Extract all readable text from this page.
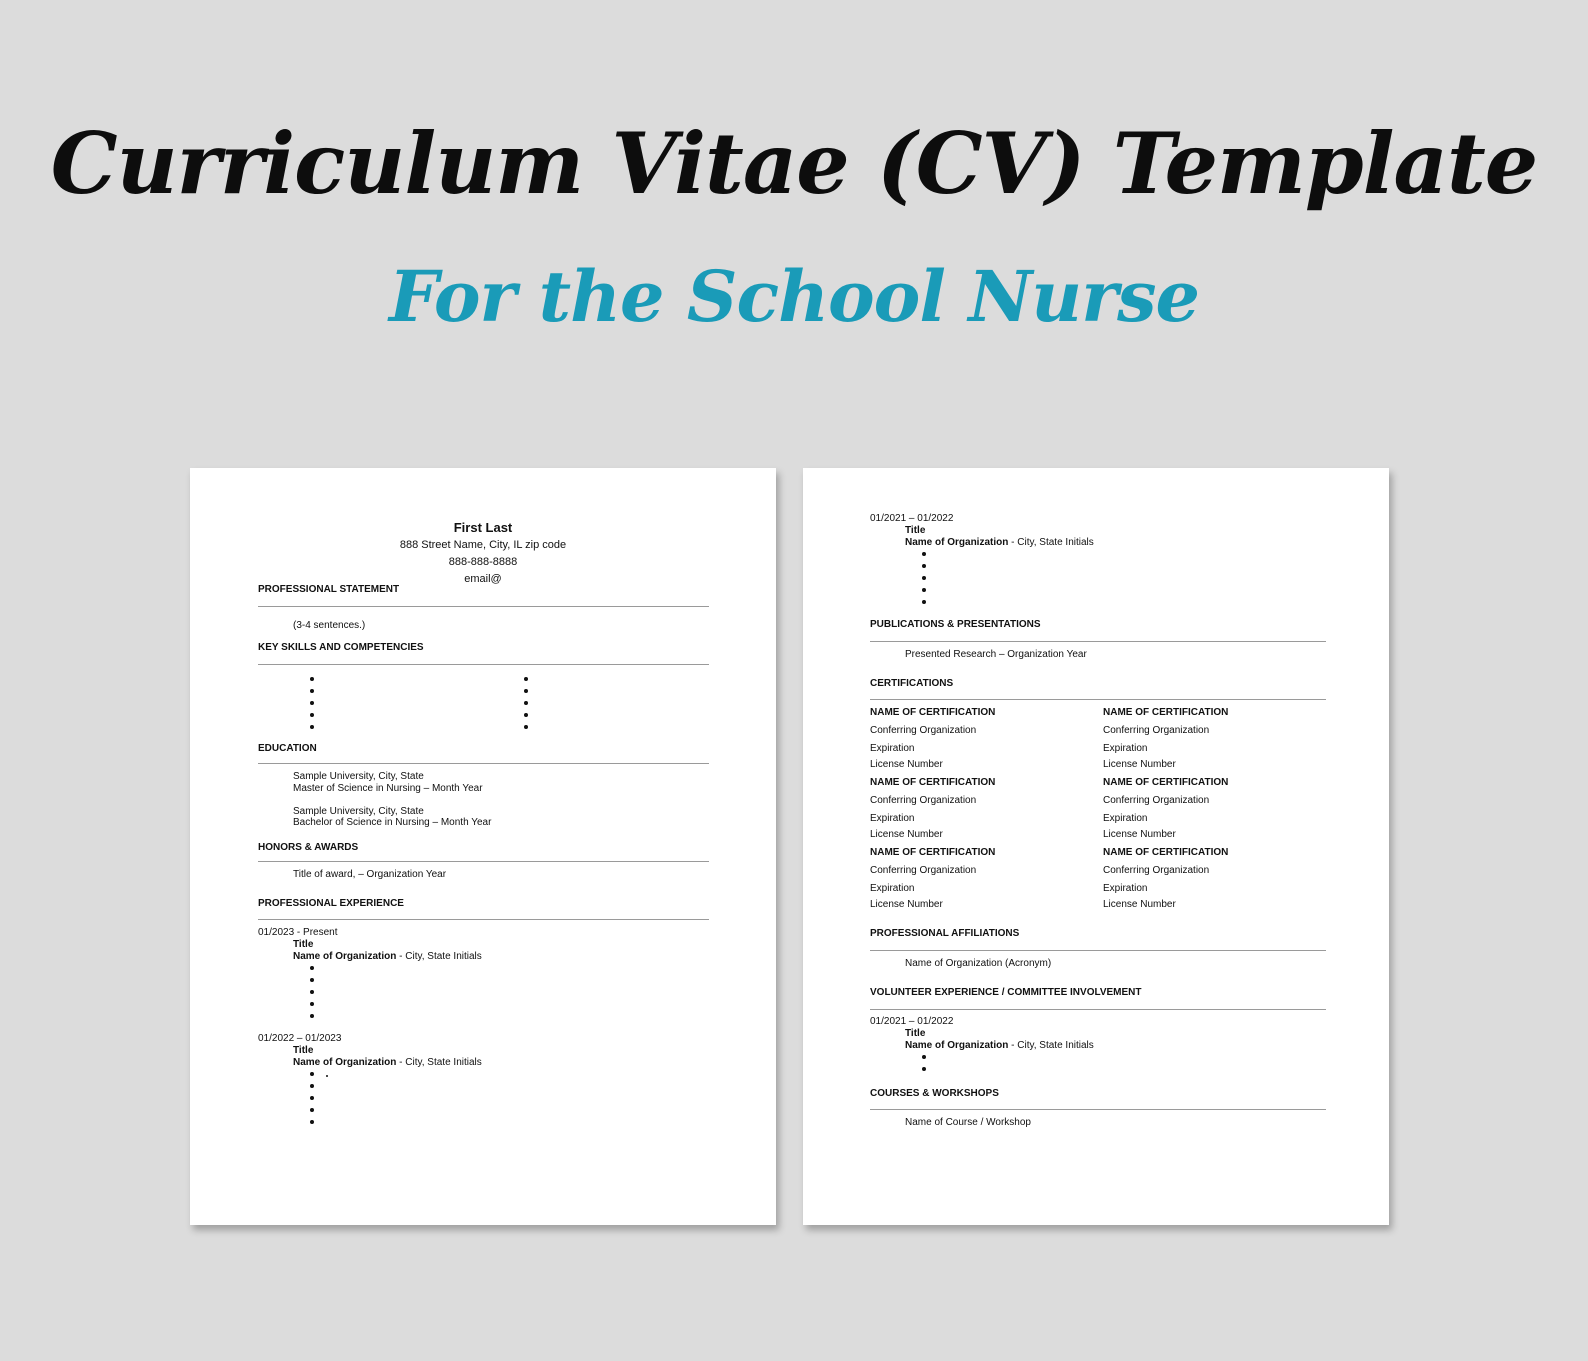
Curriculum Vitae (CV) Template
For the School Nurse
First Last
888 Street Name, City, IL zip code
888-888-8888
email@
PROFESSIONAL STATEMENT
(3-4 sentences.)
KEY SKILLS AND COMPETENCIES
EDUCATION
Sample University, City, State
Master of Science in Nursing – Month Year
Sample University, City, State
Bachelor of Science in Nursing – Month Year
HONORS & AWARDS
Title of award, – Organization Year
PROFESSIONAL EXPERIENCE
01/2023 - Present
Title
Name of Organization - City, State Initials
01/2022 – 01/2023
Title
Name of Organization - City, State Initials
01/2021 – 01/2022
Title
Name of Organization - City, State Initials
PUBLICATIONS & PRESENTATIONS
Presented Research – Organization Year
CERTIFICATIONS
NAME OF CERTIFICATION
Conferring Organization
Expiration
License Number
NAME OF CERTIFICATION
Conferring Organization
Expiration
License Number
NAME OF CERTIFICATION
Conferring Organization
Expiration
License Number
NAME OF CERTIFICATION
Conferring Organization
Expiration
License Number
NAME OF CERTIFICATION
Conferring Organization
Expiration
License Number
NAME OF CERTIFICATION
Conferring Organization
Expiration
License Number
PROFESSIONAL AFFILIATIONS
Name of Organization (Acronym)
VOLUNTEER EXPERIENCE / COMMITTEE INVOLVEMENT
01/2021 – 01/2022
Title
Name of Organization - City, State Initials
COURSES & WORKSHOPS
Name of Course / Workshop
